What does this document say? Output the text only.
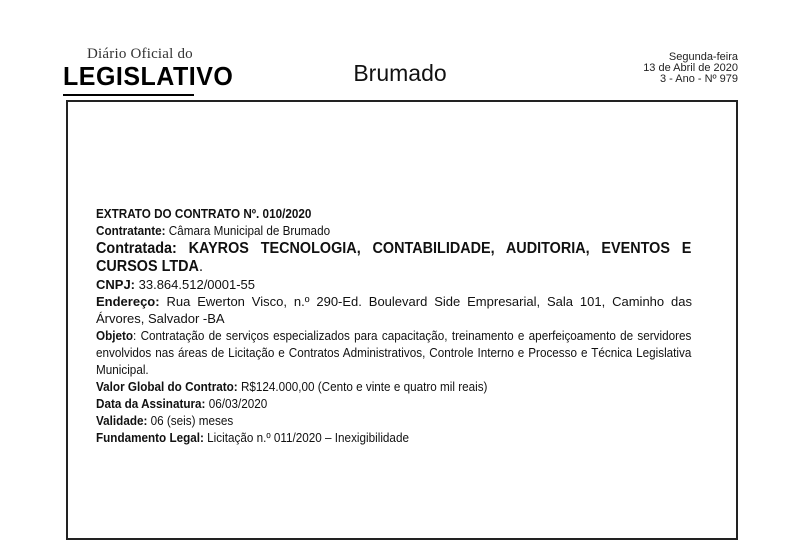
Diário Oficial do
LEGISLATIVO	Brumado
Segunda-feira
13 de Abril de 2020
3 - Ano - Nº 979

EXTRATO DO CONTRATO Nº. 010/2020

Contratante: Câmara Municipal de Brumado

Contratada: KAYROS TECNOLOGIA, CONTABILIDADE, AUDITORIA, EVENTOS E CURSOS LTDA.

CNPJ: 33.864.512/0001-55

Endereço: Rua Ewerton Visco, n.º 290-Ed. Boulevard Side Empresarial, Sala 101, Caminho das Árvores, Salvador -BA

Objeto: Contratação de serviços especializados para capacitação, treinamento e aperfeiçoamento de servidores envolvidos nas áreas de Licitação e Contratos Administrativos, Controle Interno e Processo e Técnica Legislativa Municipal.

Valor Global do Contrato: R$124.000,00 (Cento e vinte e quatro mil reais)

Data da Assinatura: 06/03/2020

Validade: 06 (seis) meses

Fundamento Legal: Licitação n.º 011/2020 – Inexigibilidade
